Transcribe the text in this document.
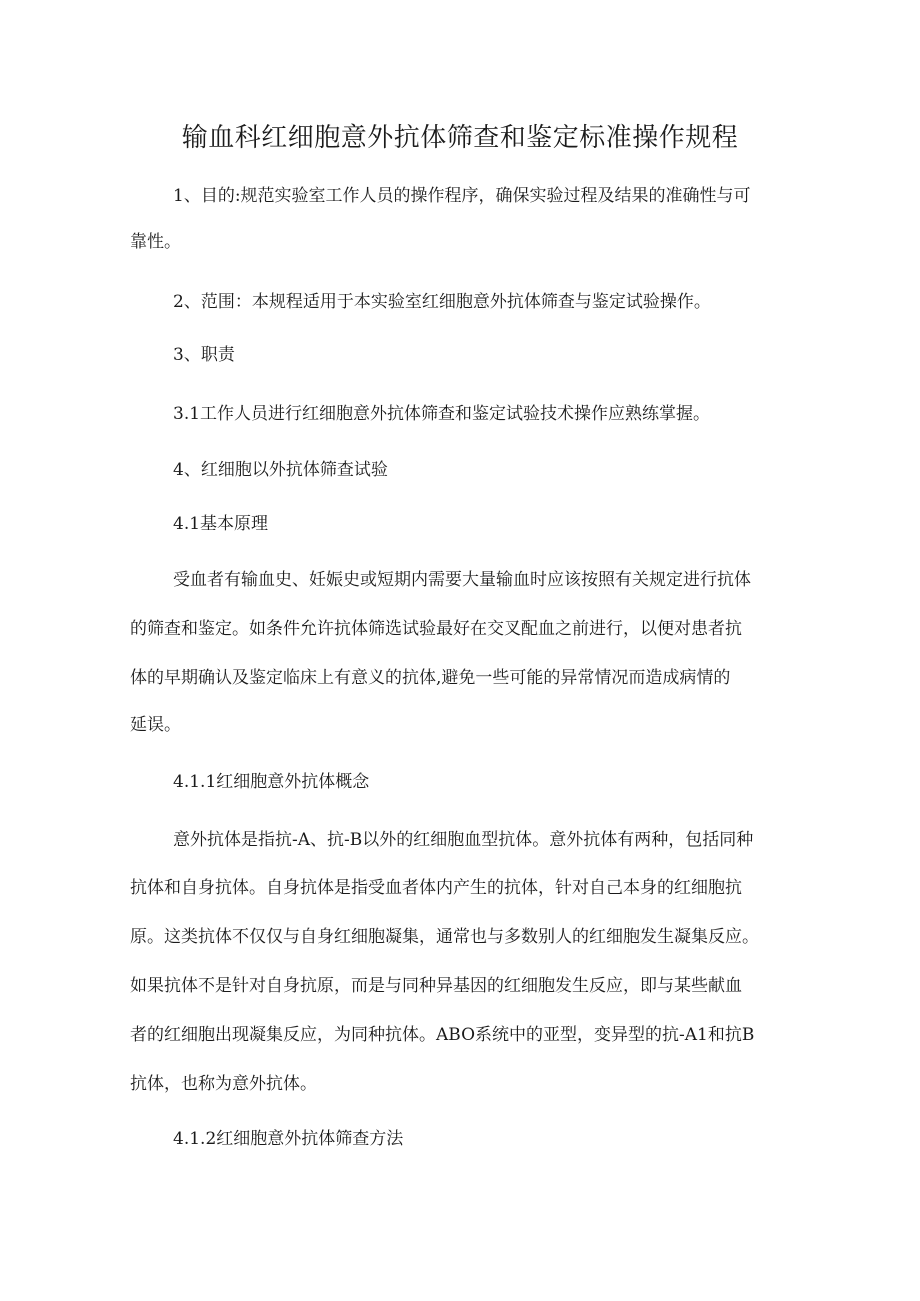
输血科红细胞意外抗体筛查和鉴定标准操作规程
1、目的:规范实验室工作人员的操作程序，确保实验过程及结果的准确性与可
靠性。
2、范围：本规程适用于本实验室红细胞意外抗体筛查与鉴定试验操作。
3、职责
3.1工作人员进行红细胞意外抗体筛查和鉴定试验技术操作应熟练掌握。
4、红细胞以外抗体筛查试验
4.1基本原理
受血者有输血史、妊娠史或短期内需要大量输血时应该按照有关规定进行抗体
的筛查和鉴定。如条件允许抗体筛选试验最好在交叉配血之前进行，以便对患者抗
体的早期确认及鉴定临床上有意义的抗体,避免一些可能的异常情况而造成病情的
延误。
4.1.1红细胞意外抗体概念
意外抗体是指抗-A、抗-B以外的红细胞血型抗体。意外抗体有两种，包括同种
抗体和自身抗体。自身抗体是指受血者体内产生的抗体，针对自己本身的红细胞抗
原。这类抗体不仅仅与自身红细胞凝集，通常也与多数别人的红细胞发生凝集反应。
如果抗体不是针对自身抗原，而是与同种异基因的红细胞发生反应，即与某些献血
者的红细胞出现凝集反应，为同种抗体。ABO系统中的亚型，变异型的抗-A1和抗B
抗体，也称为意外抗体。
4.1.2红细胞意外抗体筛查方法
